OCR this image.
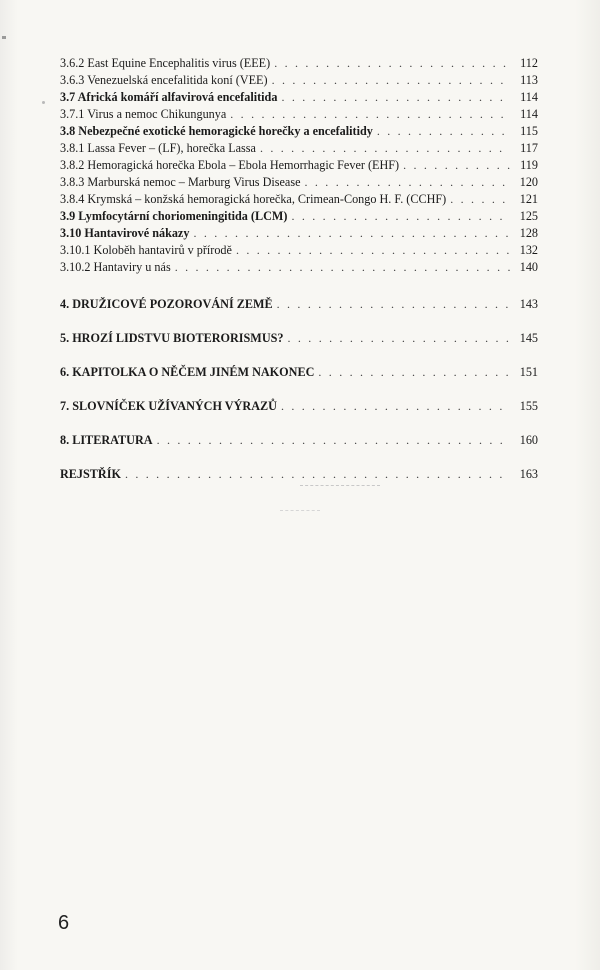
3.6.2 East Equine Encephalitis virus (EEE) . . .	112
3.6.3 Venezuelská encefalitida koní (VEE) . . .	113
3.7 Africká komáří alfavirová encefalitida . . .	114
3.7.1 Virus a nemoc Chikungunya . . .	114
3.8 Nebezpečné exotické hemoragické horečky a encefalitidy . . .	115
3.8.1 Lassa Fever – (LF), horečka Lassa . . .	117
3.8.2 Hemoragická horečka Ebola – Ebola Hemorrhagic Fever (EHF) . . .	119
3.8.3 Marburská nemoc – Marburg Virus Disease . . .	120
3.8.4 Krymská – konžská hemoragická horečka, Crimean-Congo H. F. (CCHF) . . .	121
3.9 Lymfocytární choriomeningitida (LCM) . . .	125
3.10 Hantavirové nákazy . . .	128
3.10.1 Koloběh hantavirů v přírodě . . .	132
3.10.2 Hantaviry u nás . . .	140
4. DRUŽICOVÉ POZOROVÁNÍ ZEMĚ . . .	143
5. HROZÍ LIDSTVU BIOTERORISMUS? . . .	145
6. KAPITOLKA O NĚČEM JINÉM NAKONEC . . .	151
7. SLOVNÍČEK UŽÍVANÝCH VÝRAZŮ . . .	155
8. LITERATURA . . .	160
REJSTŘÍK . . .	163
6
